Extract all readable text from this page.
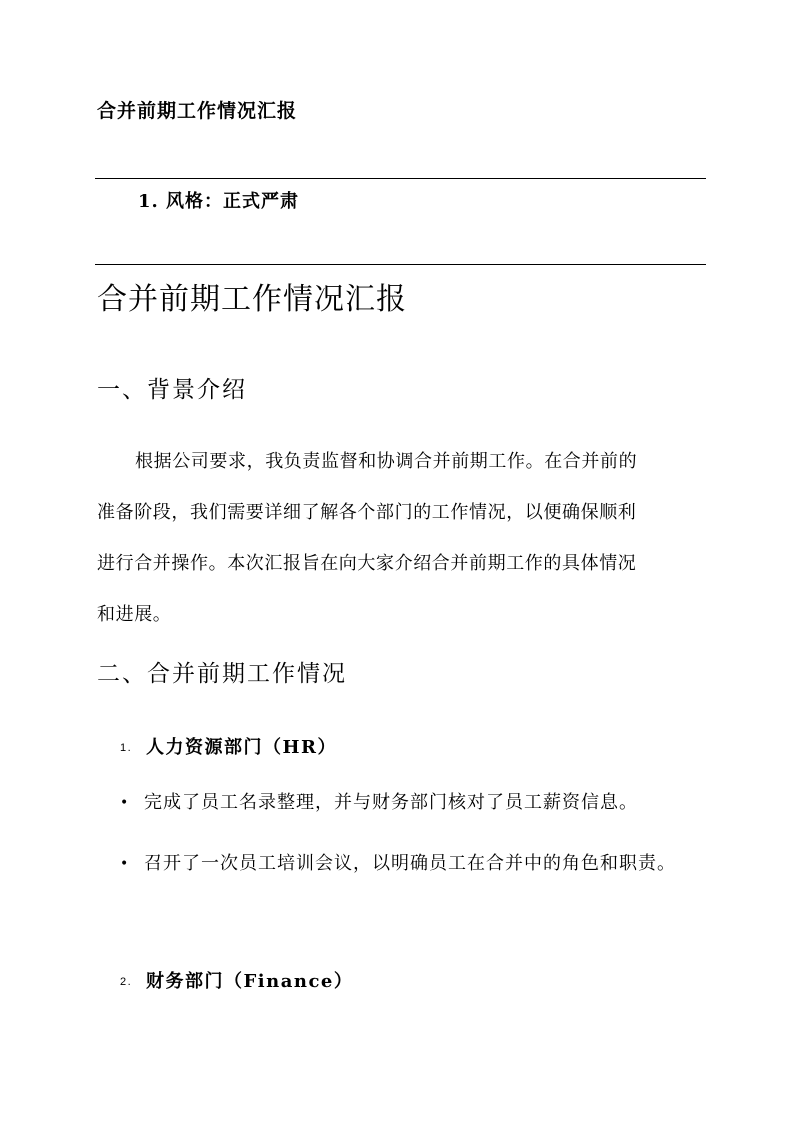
合并前期工作情况汇报
1. 风格：正式严肃
合并前期工作情况汇报
一、背景介绍
根据公司要求，我负责监督和协调合并前期工作。在合并前的
准备阶段，我们需要详细了解各个部门的工作情况，以便确保顺利
进行合并操作。本次汇报旨在向大家介绍合并前期工作的具体情况
和进展。
二、合并前期工作情况
1. 人力资源部门（HR）
• 完成了员工名录整理，并与财务部门核对了员工薪资信息。
• 召开了一次员工培训会议，以明确员工在合并中的角色和职责。
2. 财务部门（Finance）
